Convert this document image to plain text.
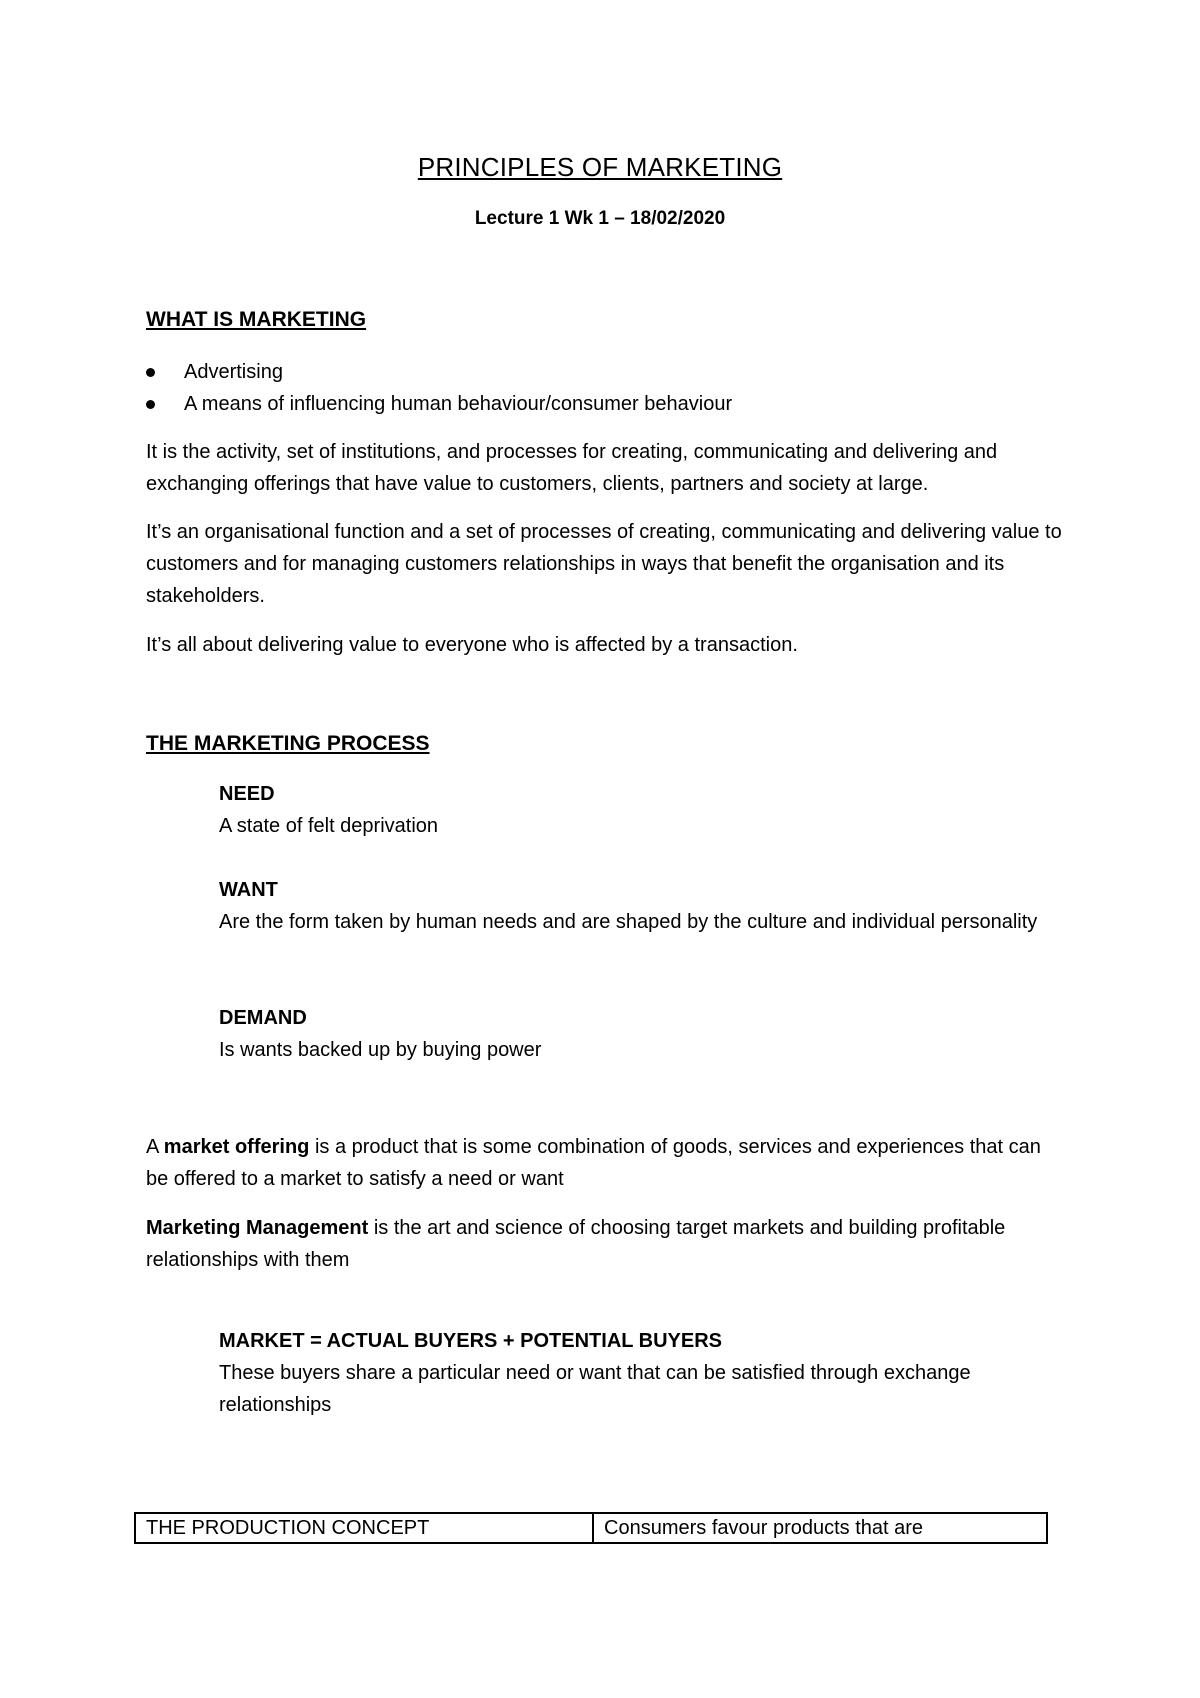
PRINCIPLES OF MARKETING
Lecture 1 Wk 1 – 18/02/2020
WHAT IS MARKETING
Advertising
A means of influencing human behaviour/consumer behaviour

It is the activity, set of institutions, and processes for creating, communicating and delivering and exchanging offerings that have value to customers, clients, partners and society at large.

It’s an organisational function and a set of processes of creating, communicating and delivering value to customers and for managing customers relationships in ways that benefit the organisation and its stakeholders.

It’s all about delivering value to everyone who is affected by a transaction.

THE MARKETING PROCESS
NEED
A state of felt deprivation
WANT
Are the form taken by human needs and are shaped by the culture and individual personality
DEMAND
Is wants backed up by buying power

A market offering is a product that is some combination of goods, services and experiences that can be offered to a market to satisfy a need or want

Marketing Management is the art and science of choosing target markets and building profitable relationships with them

MARKET = ACTUAL BUYERS + POTENTIAL BUYERS
These buyers share a particular need or want that can be satisfied through exchange relationships
THE PRODUCTION CONCEPT	Consumers favour products that are
